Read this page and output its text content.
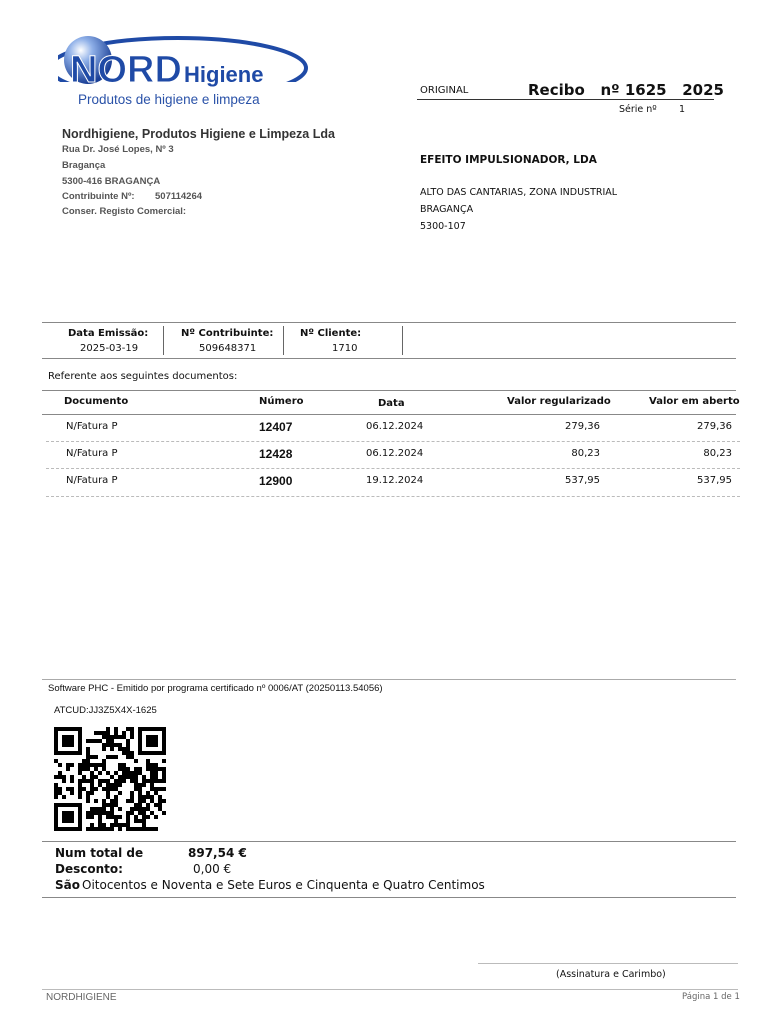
NORD Higiene
Produtos de higiene e limpeza
Nordhigiene, Produtos Higiene e Limpeza Lda
Rua Dr. José Lopes, Nº 3
Bragança
5300-416 BRAGANÇA
Contribuinte Nº: 507114264
Conser. Registo Comercial:
ORIGINAL	Recibo   nº 1625   2025
Série nº 1
EFEITO IMPULSIONADOR, LDA
ALTO DAS CANTARIAS, ZONA INDUSTRIAL
BRAGANÇA
5300-107
Data Emissão:
2025-03-19
Nº Contribuinte:
509648371
Nº Cliente:
1710
Referente aos seguintes documentos:
Documento	Número	Data	Valor regularizado	Valor em aberto
N/Fatura P	12407	06.12.2024	279,36	279,36
N/Fatura P	12428	06.12.2024	80,23	80,23
N/Fatura P	12900	19.12.2024	537,95	537,95
Software PHC - Emitido por programa certificado nº 0006/AT (20250113.54056)
ATCUD:JJ3Z5X4X-1625
Num total de	897,54 €
Desconto:	0,00 €
São Oitocentos e Noventa e Sete Euros e Cinquenta e Quatro Centimos
(Assinatura e Carimbo)
NORDHIGIENE	Página 1 de 1
